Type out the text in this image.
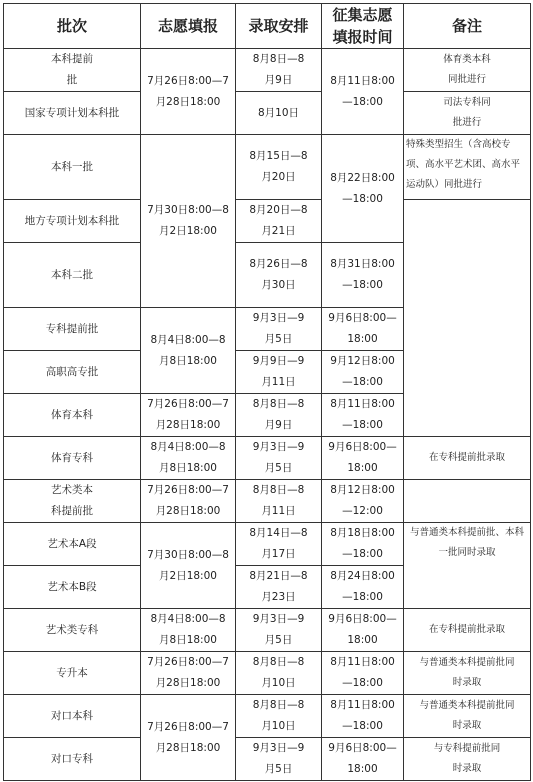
批次	志愿填报	录取安排	征集志愿填报时间	备注	

本科提前批	7月26日8:00—7月28日18:00	8月8日—8月9日	8月11日8:00—18:00	体育类本科同批进行	

国家专项计划本科批		8月10日		司法专科同批进行	

本科一批	7月30日8:00—8月2日18:00	8月15日—8月20日	8月22日8:00—18:00	特殊类型招生（含高校专项、高水平艺术团、高水平运动队）同批进行	

地方专项计划本科批		8月20日—8月21日			

本科二批		8月26日—8月30日	8月31日8:00—18:00		

专科提前批	8月4日8:00—8月8日18:00	9月3日—9月5日	9月6日8:00—18:00		

高职高专批		9月9日—9月11日	9月12日8:00—18:00		

体育本科	7月26日8:00—7月28日18:00	8月8日—8月9日	8月11日8:00—18:00

体育专科	8月4日8:00—8月8日18:00	9月3日—9月5日	9月6日8:00—18:00	在专科提前批录取	

艺术类本科提前批	7月26日8:00—7月28日18:00	8月8日—8月11日	8月12日8:00—12:00		

艺术本A段	7月30日8:00—8月2日18:00	8月14日—8月17日	8月18日8:00—18:00	与普通类本科提前批、本科一批同时录取	

艺术本B段		8月21日—8月23日	8月24日8:00—18:00		

艺术类专科	8月4日8:00—8月8日18:00	9月3日—9月5日	9月6日8:00—18:00	在专科提前批录取	
专升本	7月26日8:00—7月28日18:00	8月8日—8月10日	8月11日8:00—18:00	与普通类本科提前批同时录取	

对口本科	7月26日8:00—7月28日18:00	8月8日—8月10日	8月11日8:00—18:00	与普通类本科提前批同时录取	

对口专科		9月3日—9月5日	9月6日8:00—18:00	与专科提前批同时录取	
